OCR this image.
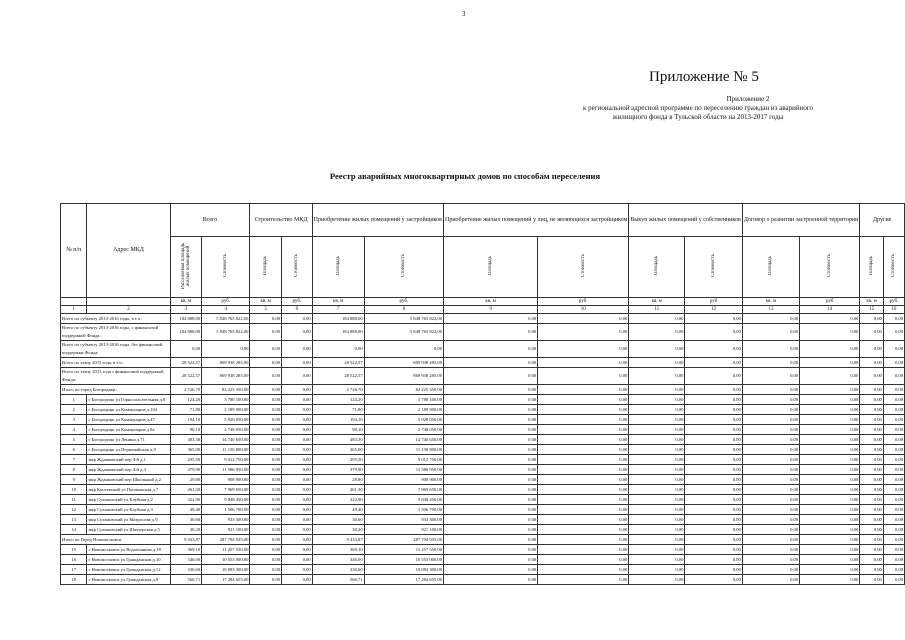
3
Приложение № 5
Приложение 2
к региональной адресной программе по переселению граждан из аварийного
жилищного фонда в Тульской области на 2013-2017 годы
Реестр аварийных многоквартирных домов по способам переселения
№ п/п	Адрес МКД	Всего		Строительство МКД		Приобретение жилых помещений у застройщиков		Приобретение жилых помещений у лиц, не являющихся застройщиком		Выкуп жилых помещений у собственников		Договор о развитии застроенной территории		Другие	
		Расселяемая площадь жилых помещений	Стоимость	Площадь	Стоимость	Площадь	Стоимость	Площадь	Стоимость	Площадь	Стоимость	Площадь	Стоимость	Площадь	Стоимость
		кв. м	руб.	кв. м	руб.	кв. м	руб.	кв. м	руб.	кв. м	руб	кв. м	руб	кв. м	руб.
1	2	3	4	5	6	7	8	9	10	11	12	13	14	15	16
Всего по субъекту 2013-2016 годы, в т.ч.:		184 888,00	5 848 765 822,00	0,00	0,00	184 888,00	5 848 765 822,00	0,00	0,00	0,00	0,00	0,00	0,00	0,00	0,00
Всего по субъекту 2013-2016 годы, с финансовой поддержкой Фонда:		184 888,00	5 848 765 822,00	0,00	0,00	184 888,00	5 848 765 822,00	0,00	0,00	0,00	0,00	0,00	0,00	0,00	0,00
Всего по субъекту 2013-2016 годы, без финансовой поддержки Фонда:		0,00	0,00	0,00	0,00	0,00	0,00	0,00	0,00	0,00	0,00	0,00	0,00	0,00	0,00
Всего по этапу 2013 года, в т.ч.:		28 522,57	869 938 285,00	0,00	0,00	28 522,57	869 938 285,00	0,00	0,00	0,00	0,00	0,00	0,00	0,00	0,00
Всего по этапу 2013 года с финансовой поддержкой Фонда:		28 522,57	869 938 285,00	0,00	0,00	28 522,57	869 938 285,00	0,00	0,00	0,00	0,00	0,00	0,00	0,00	0,00
Итого по город Богородицк:		2 726,70	82 225 350,00	0,00	0,00	2 726,70	82 225 350,00	0,00	0,00	0,00	0,00	0,00	0,00	0,00	0,00
1	г Богородицк ул Горноспасательная д.8	124,20	3 788 100,00	0,00	0,00	124,20	3 788 100,00	0,00	0,00	0,00	0,00	0,00	0,00	0,00	0,00
2	г Богородицк ул Коммунаров д.104	71,80	2 189 900,00	0,00	0,00	71,80	2 189 900,00	0,00	0,00	0,00	0,00	0,00	0,00	0,00	0,00
3	г Богородицк ул Коммунаров д.47	194,10	5 920 050,00	0,00	0,00	194,10	5 920 050,00	0,00	0,00	0,00	0,00	0,00	0,00	0,00	0,00
4	г Богородицк ул Коммунаров д.8а	90,10	2 748 050,00	0,00	0,00	90,10	2 748 050,00	0,00	0,00	0,00	0,00	0,00	0,00	0,00	0,00
5	г Богородицк ул Ленина д.71	483,30	14 740 650,00	0,00	0,00	483,30	14 740 650,00	0,00	0,00	0,00	0,00	0,00	0,00	0,00	0,00
6	г Богородицк ул Первомайская д.9	365,00	11 130 800,00	0,00	0,00	365,00	11 130 800,00	0,00	0,00	0,00	0,00	0,00	0,00	0,00	0,00
7	мкр Жданковский пер 4-й д.1	295,50	9 012 750,00	0,00	0,00	295,50	9 012 750,00	0,00	0,00	0,00	0,00	0,00	0,00	0,00	0,00
8	мкр Жданковский пер 4-й д.3	379,90	11 586 950,00	0,00	0,00	379,90	11 586 950,00	0,00	0,00	0,00	0,00	0,00	0,00	0,00	0,00
9	мкр Жданковский пер Школьный д.2	29,80	908 900,00	0,00	0,00	29,80	908 900,00	0,00	0,00	0,00	0,00	0,00	0,00	0,00	0,00
10	мкр Коптевский ул Пушкинская д.7	261,30	7 969 650,00	0,00	0,00	261,30	7 969 650,00	0,00	0,00	0,00	0,00	0,00	0,00	0,00	0,00
11	мкр Сухановский ул Клубная д.2	322,90	9 848 450,00	0,00	0,00	322,90	9 848 450,00	0,00	0,00	0,00	0,00	0,00	0,00	0,00	0,00
12	мкр Сухановский ул Клубная д.3	49,40	1 506 700,00	0,00	0,00	49,40	1 506 700,00	0,00	0,00	0,00	0,00	0,00	0,00	0,00	0,00
13	мкр Сухановский ул Матросова д.9	30,60	933 300,00	0,00	0,00	30,60	933 300,00	0,00	0,00	0,00	0,00	0,00	0,00	0,00	0,00
14	мкр Сухановский ул Шахтерская д.5	30,20	921 100,00	0,00	0,00	30,20	921 100,00	0,00	0,00	0,00	0,00	0,00	0,00	0,00	0,00
Итого по Город Новомосковск:		9 433,87	287 794 035,00	0,00	0,00	9 433,87	287 794 035,00	0,00	0,00	0,00	0,00	0,00	0,00	0,00	0,00
15	г Новомосковск ул Водопьянова д.18	369,10	11 257 550,00	0,00	0,00	369,10	11 257 550,00	0,00	0,00	0,00	0,00	0,00	0,00	0,00	0,00
16	г Новомосковск ул Гражданская д.10	346,00	10 553 000,00	0,00	0,00	346,00	10 553 000,00	0,00	0,00	0,00	0,00	0,00	0,00	0,00	0,00
17	г Новомосковск ул Гражданская д.12	330,60	10 083 300,00	0,00	0,00	330,60	10 083 300,00	0,00	0,00	0,00	0,00	0,00	0,00	0,00	0,00
18	г Новомосковск ул Гражданская д.8	566,71	17 284 655,00	0,00	0,00	566,71	17 284 655,00	0,00	0,00	0,00	0,00	0,00	0,00	0,00	0,00
